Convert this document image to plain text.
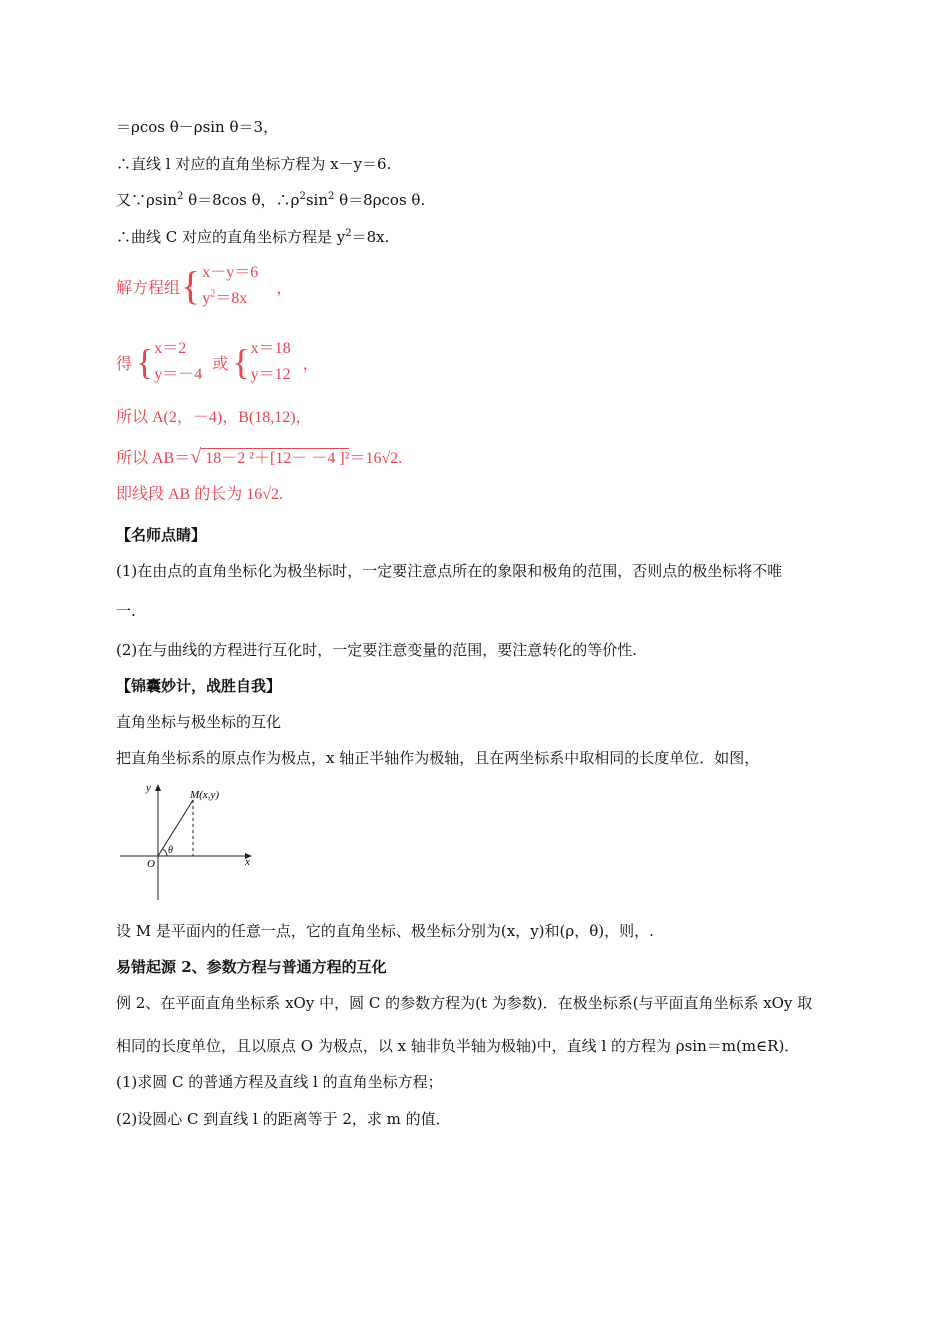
＝ρcos θ－ρsin θ＝3，
∴直线 l 对应的直角坐标方程为 x－y＝6.
又∵ρsin$^2$ θ＝8cos θ，$\therefore\rho^2\sin^2$ θ＝8ρcos θ.
∴曲线 C 对应的直角坐标方程是 $y^2=8x$.
解方程组 { x－y＝6
$y^2=8x$
，
得 { x＝2
y＝－4
或 { x＝18
y＝12
，
所以 A(2，－4)，B(18,12)，
所以 AB＝√ 18－2 ²＋[12－ －4 ]²＝16√2.
即线段 AB 的长为 16√2.
【名师点睛】
(1)在由点的直角坐标化为极坐标时，一定要注意点所在的象限和极角的范围，否则点的极坐标将不唯
一.
(2)在与曲线的方程进行互化时，一定要注意变量的范围，要注意转化的等价性.
【锦囊妙计，战胜自我】
直角坐标与极坐标的互化
把直角坐标系的原点作为极点，x 轴正半轴作为极轴，且在两坐标系中取相同的长度单位．如图，
y
x
O
M(x,y)
θ
设 M 是平面内的任意一点，它的直角坐标、极坐标分别为(x，y)和(ρ，θ)，则，.
易错起源 2、参数方程与普通方程的互化
例 2、在平面直角坐标系 xOy 中，圆 C 的参数方程为(t 为参数)．在极坐标系(与平面直角坐标系 xOy 取
相同的长度单位，且以原点 O 为极点，以 x 轴非负半轴为极轴)中，直线 l 的方程为 ρsin＝m(m∈R)．
(1)求圆 C 的普通方程及直线 l 的直角坐标方程；
(2)设圆心 C 到直线 l 的距离等于 2，求 m 的值．
